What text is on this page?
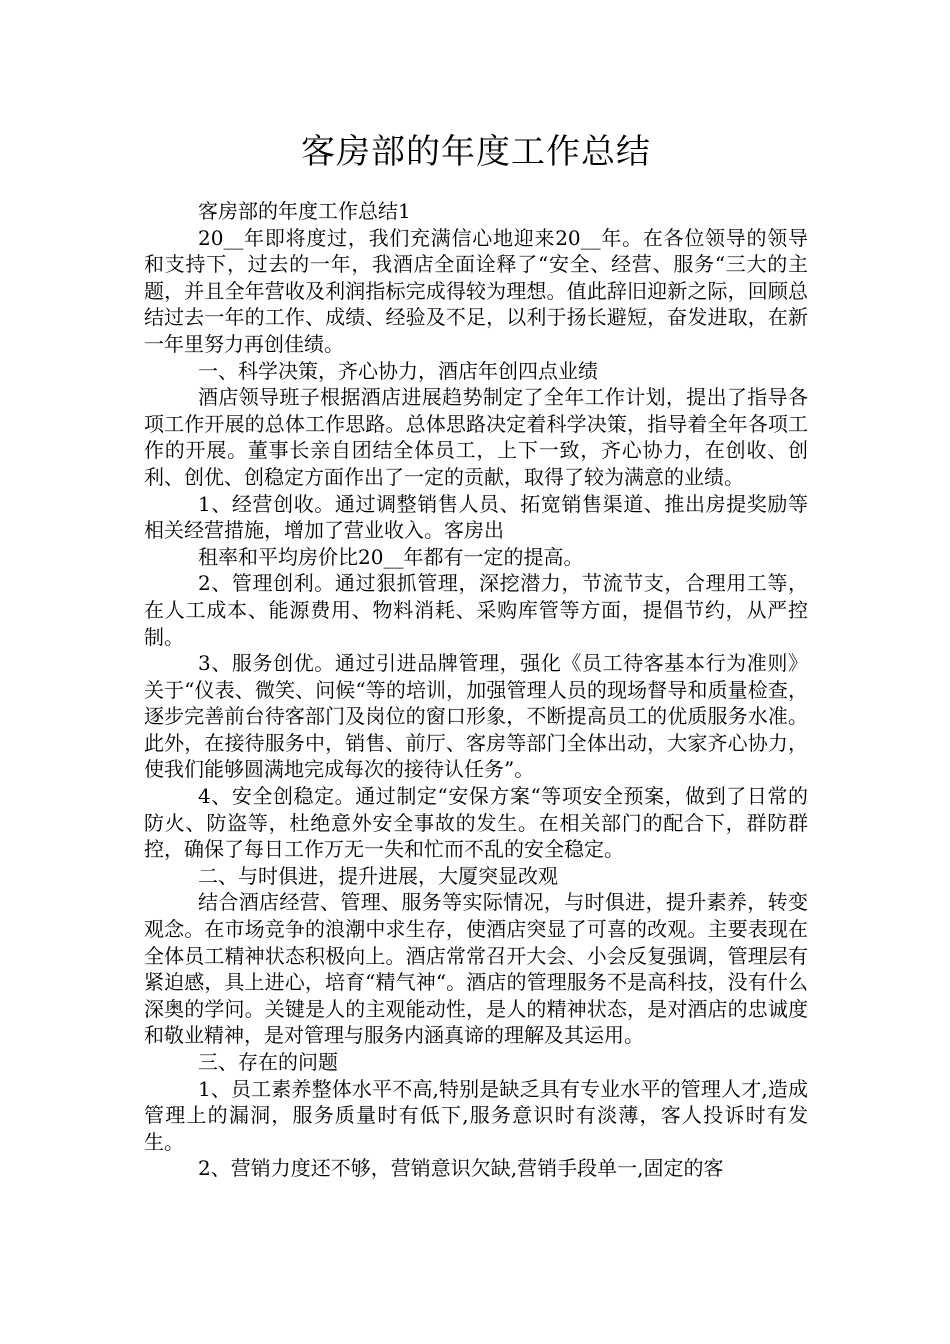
客房部的年度工作总结

客房部的年度工作总结1

20__年即将度过，我们充满信心地迎来20__年。在各位领导的领导和支持下，过去的一年，我酒店全面诠释了“安全、经营、服务“三大的主题，并且全年营收及利润指标完成得较为理想。值此辞旧迎新之际，回顾总结过去一年的工作、成绩、经验及不足，以利于扬长避短，奋发进取，在新一年里努力再创佳绩。

一、科学决策，齐心协力，酒店年创四点业绩

酒店领导班子根据酒店进展趋势制定了全年工作计划，提出了指导各项工作开展的总体工作思路。总体思路决定着科学决策，指导着全年各项工作的开展。董事长亲自团结全体员工，上下一致，齐心协力，在创收、创利、创优、创稳定方面作出了一定的贡献，取得了较为满意的业绩。

1、经营创收。通过调整销售人员、拓宽销售渠道、推出房提奖励等相关经营措施，增加了营业收入。客房出

租率和平均房价比20__年都有一定的提高。

2、管理创利。通过狠抓管理，深挖潜力，节流节支，合理用工等，在人工成本、能源费用、物料消耗、采购库管等方面，提倡节约，从严控制。

3、服务创优。通过引进品牌管理，强化《员工待客基本行为准则》关于“仪表、微笑、问候“等的培训，加强管理人员的现场督导和质量检查，逐步完善前台待客部门及岗位的窗口形象，不断提高员工的优质服务水准。此外，在接待服务中，销售、前厅、客房等部门全体出动，大家齐心协力，使我们能够圆满地完成每次的接待认任务”。

4、安全创稳定。通过制定“安保方案“等项安全预案，做到了日常的防火、防盗等，杜绝意外安全事故的发生。在相关部门的配合下，群防群控，确保了每日工作万无一失和忙而不乱的安全稳定。

二、与时俱进，提升进展，大厦突显改观

结合酒店经营、管理、服务等实际情况，与时俱进，提升素养，转变观念。在市场竞争的浪潮中求生存，使酒店突显了可喜的改观。主要表现在全体员工精神状态积极向上。酒店常常召开大会、小会反复强调，管理层有紧迫感，具上进心，培育“精气神“。酒店的管理服务不是高科技，没有什么深奥的学问。关键是人的主观能动性，是人的精神状态，是对酒店的忠诚度和敬业精神，是对管理与服务内涵真谛的理解及其运用。

三、存在的问题

1、员工素养整体水平不高,特别是缺乏具有专业水平的管理人才,造成管理上的漏洞，服务质量时有低下,服务意识时有淡薄，客人投诉时有发生。

2、营销力度还不够，营销意识欠缺,营销手段单一,固定的客
